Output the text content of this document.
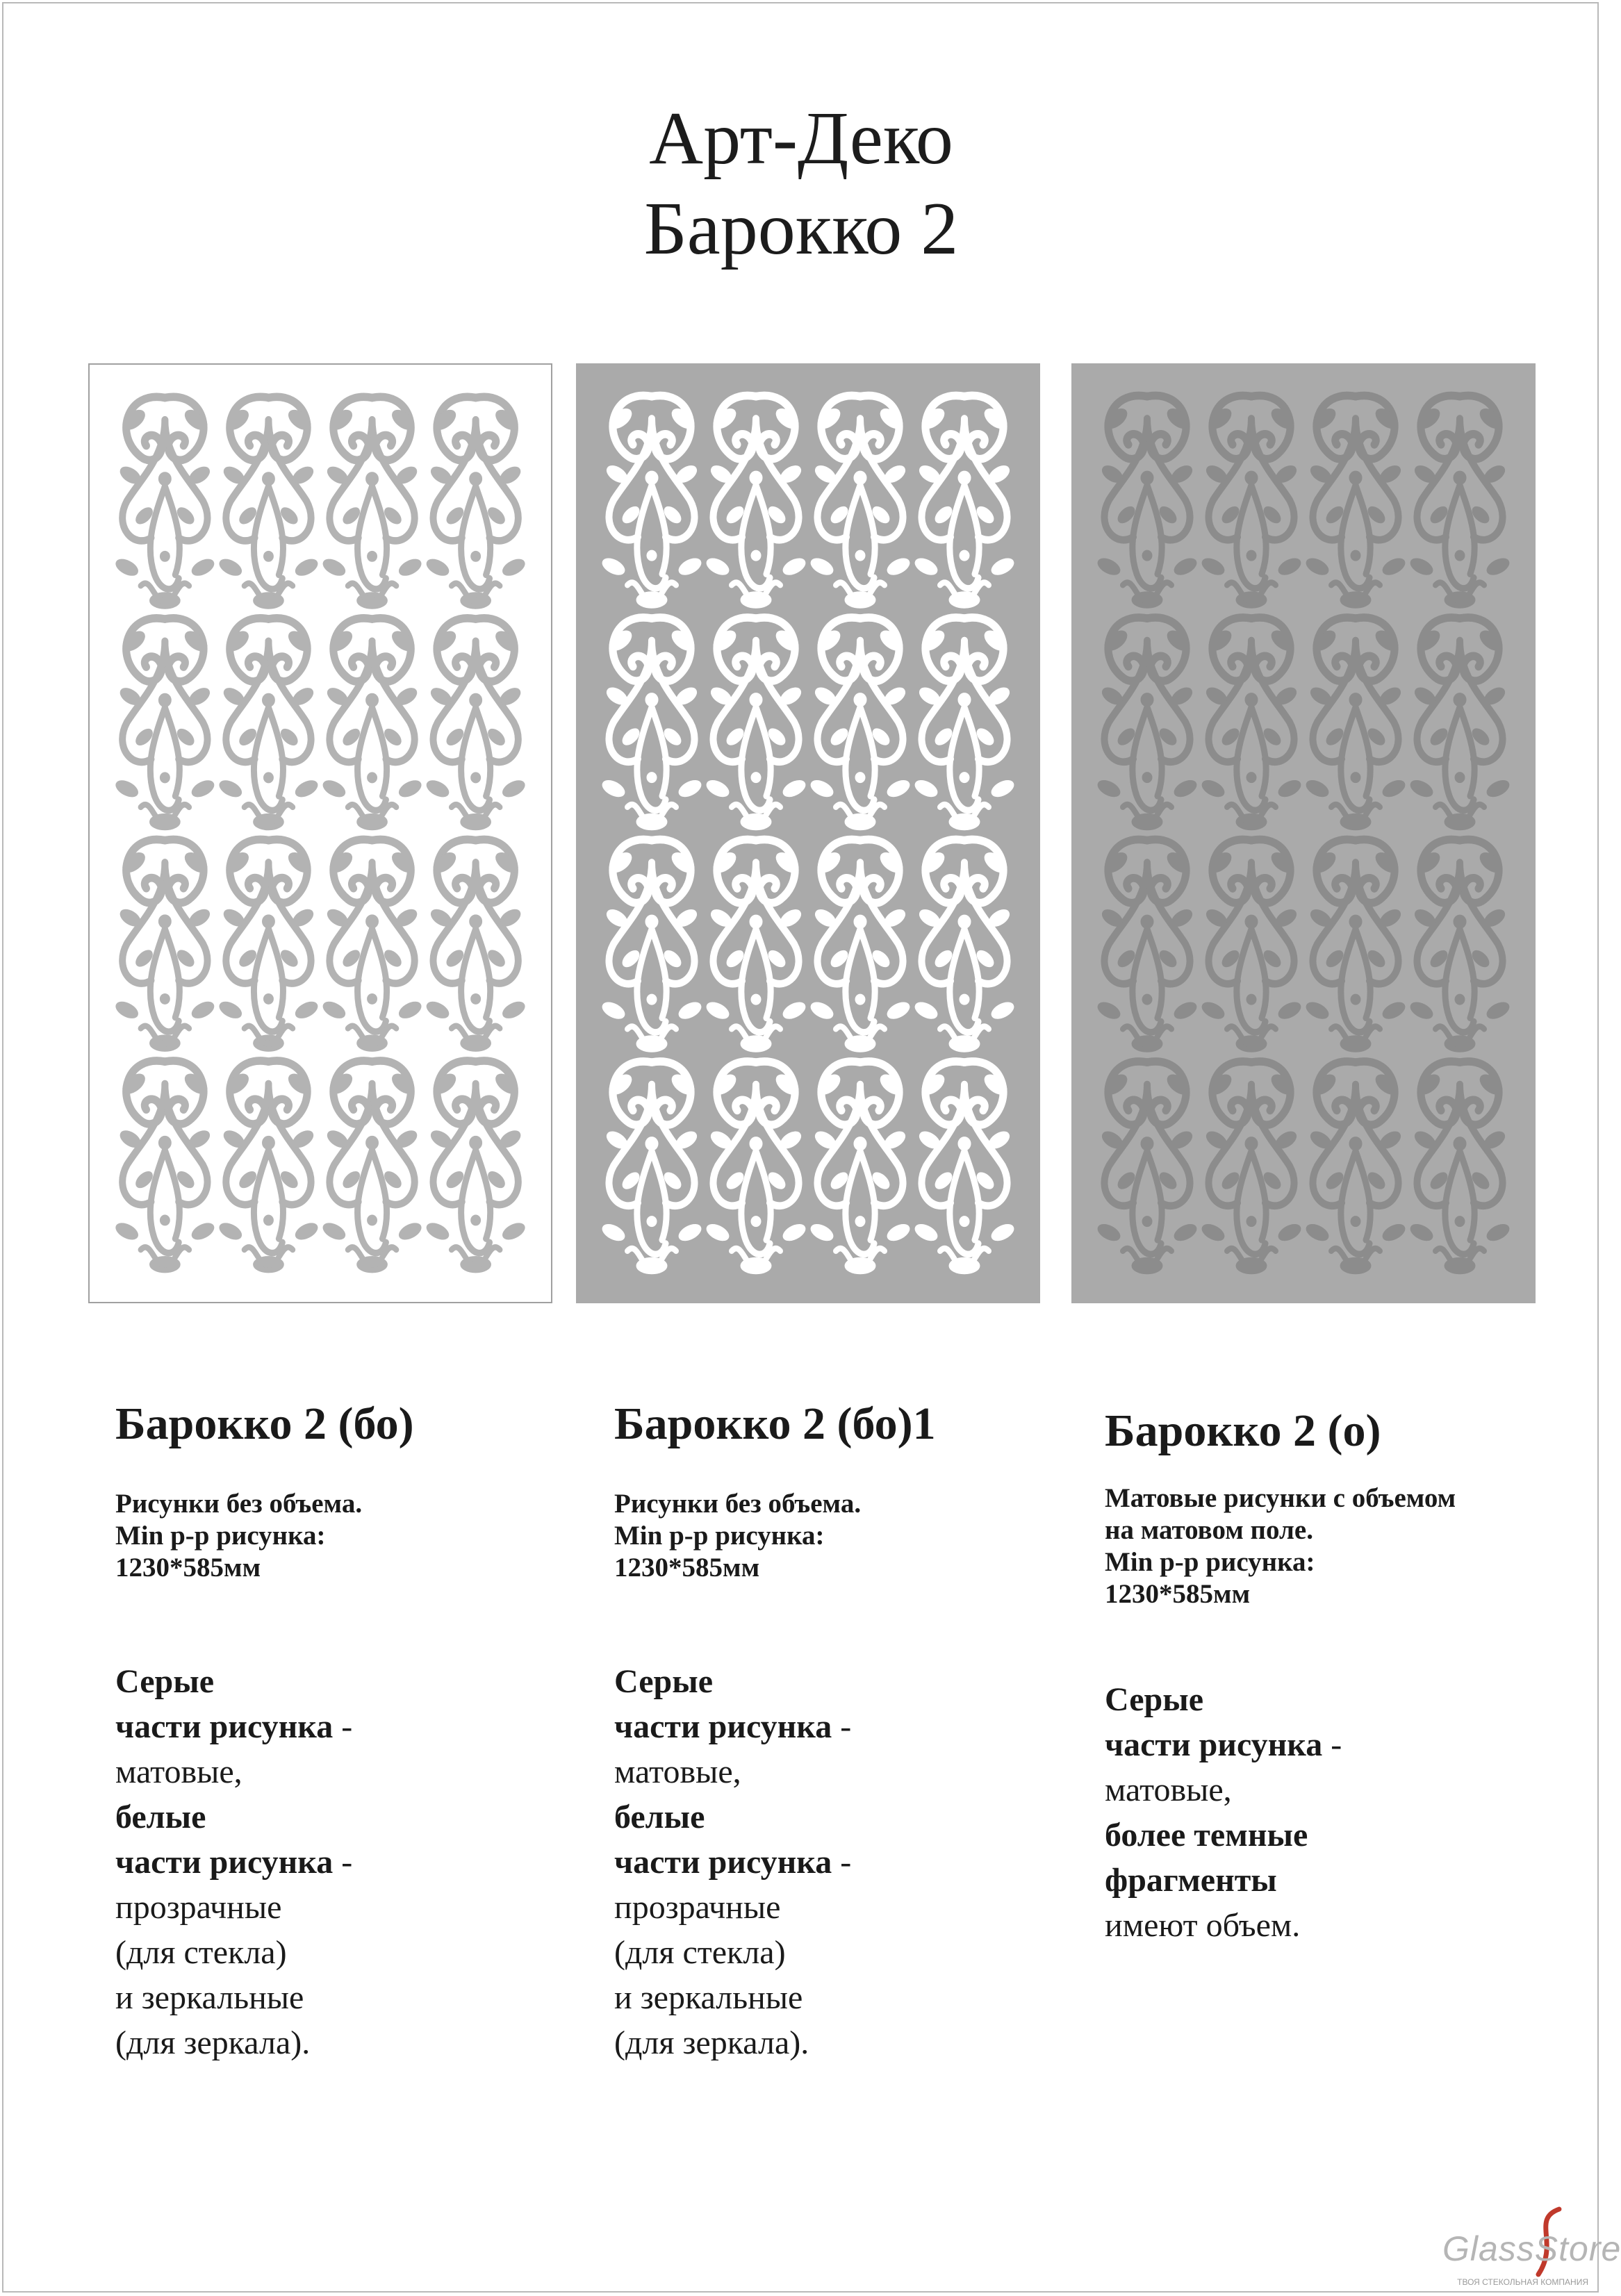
Арт-Деко
Барокко 2
Барокко 2 (бо)
Рисунки без объема.
Min р-р рисунка:
1230*585мм
Серые
части рисунка -
матовые,
белые
части рисунка -
прозрачные
(для стекла)
и зеркальные
(для зеркала).
Барокко 2 (бо)1
Рисунки без объема.
Min р-р рисунка:
1230*585мм
Серые
части рисунка -
матовые,
белые
части рисунка -
прозрачные
(для стекла)
и зеркальные
(для зеркала).
Барокко 2 (о)
Матовые рисунки с объемом
на матовом поле.
Min р-р рисунка:
1230*585мм
Серые
части рисунка -
матовые,
более темные
фрагменты
имеют объем.
GlassStore
ТВОЯ СТЕКОЛЬНАЯ КОМПАНИЯ
